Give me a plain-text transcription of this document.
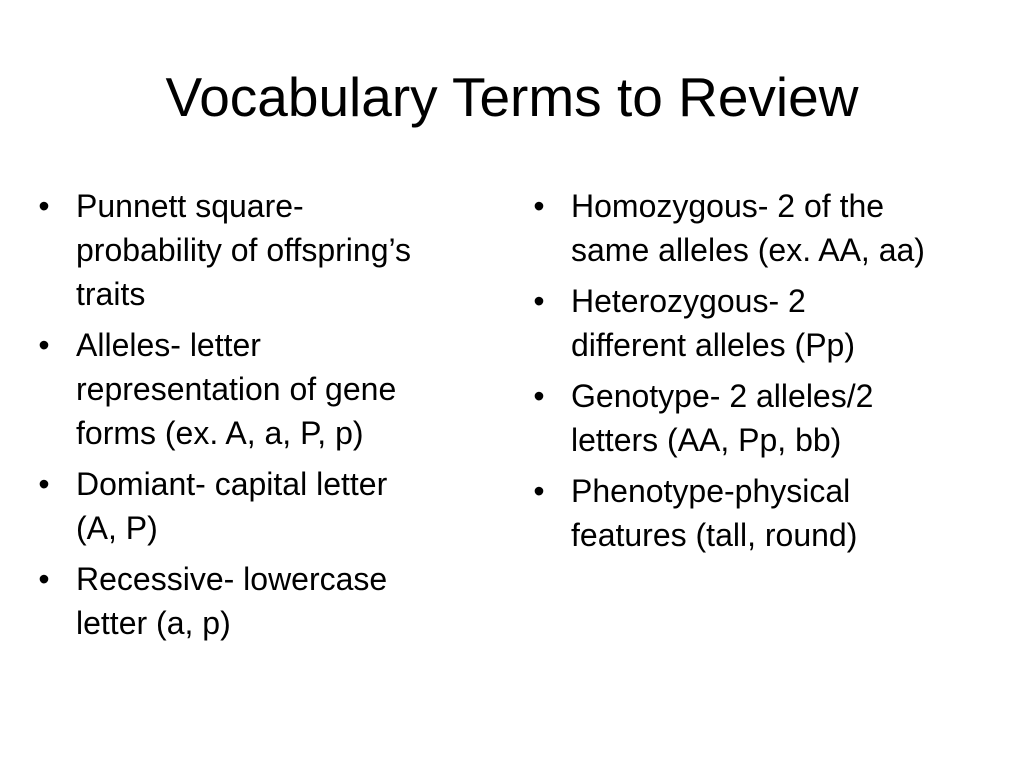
Vocabulary Terms to Review
• Punnett square-
probability of offspring’s
traits
• Alleles- letter
representation of gene
forms (ex. A, a, P, p)
• Domiant- capital letter
(A, P)
• Recessive- lowercase
letter (a, p)
• Homozygous- 2 of the
same alleles (ex. AA, aa)
• Heterozygous- 2
different alleles (Pp)
• Genotype- 2 alleles/2
letters (AA, Pp, bb)
• Phenotype-physical
features (tall, round)
